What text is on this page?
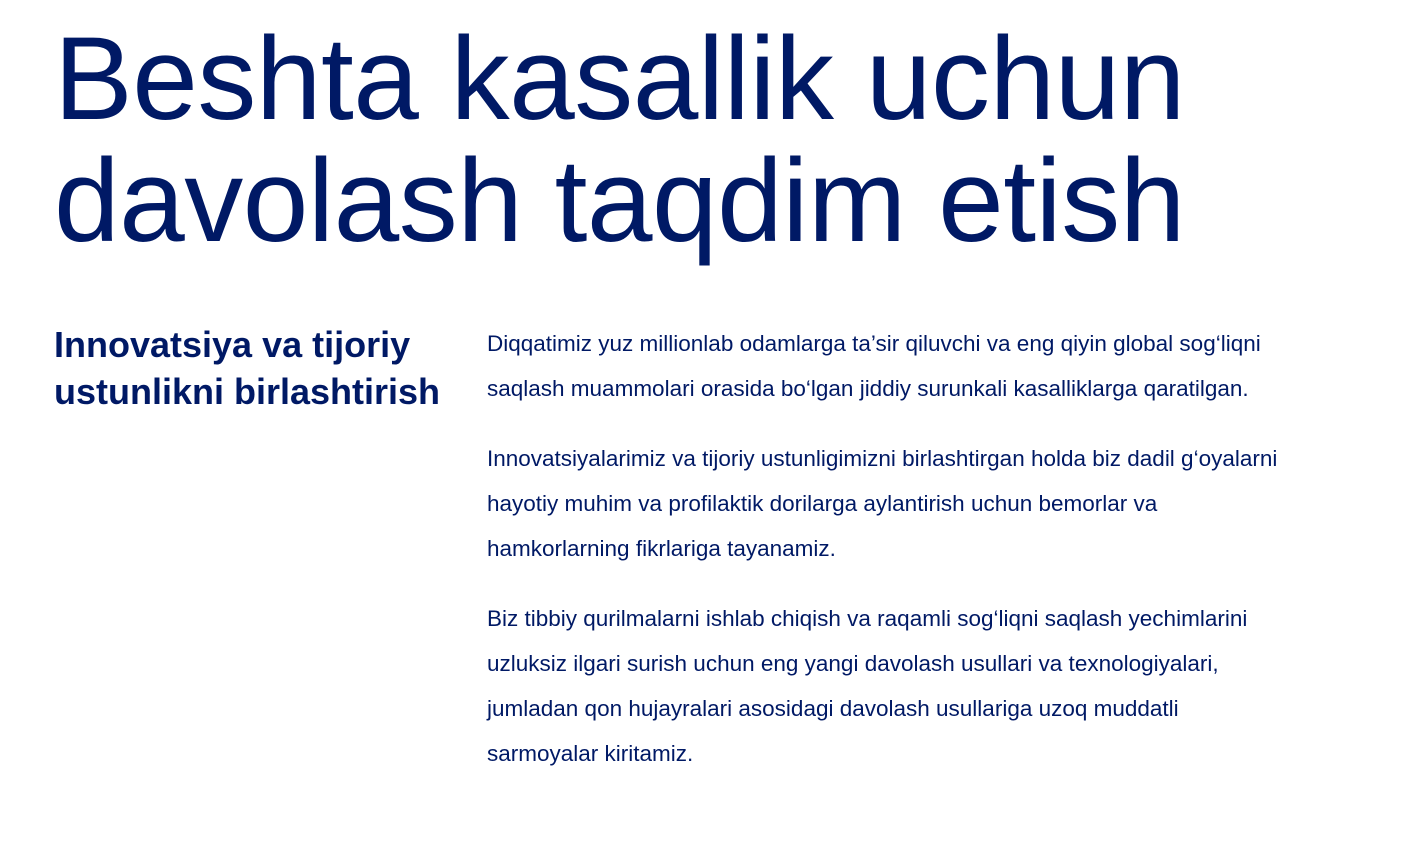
Beshta kasallik uchun
davolash taqdim etish
Innovatsiya va tijoriy ustunlikni birlashtirish

Diqqatimiz yuz millionlab odamlarga ta’sir qiluvchi va eng qiyin global sog‘liqni saqlash muammolari orasida bo‘lgan jiddiy surunkali kasalliklarga qaratilgan.

Innovatsiyalarimiz va tijoriy ustunligimizni birlashtirgan holda biz dadil g‘oyalarni hayotiy muhim va profilaktik dorilarga aylantirish uchun bemorlar va hamkorlarning fikrlariga tayanamiz.

Biz tibbiy qurilmalarni ishlab chiqish va raqamli sog‘liqni saqlash yechimlarini uzluksiz ilgari surish uchun eng yangi davolash usullari va texnologiyalari, jumladan qon hujayralari asosidagi davolash usullariga uzoq muddatli sarmoyalar kiritamiz.
